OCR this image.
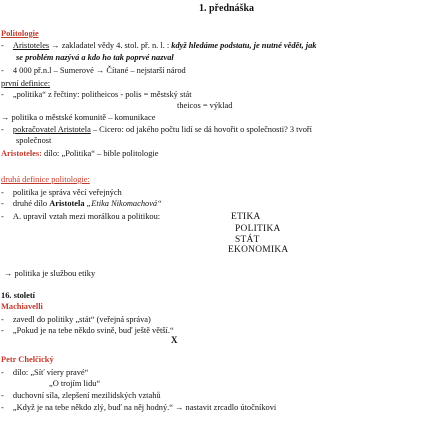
1. přednáška
Politologie
- Aristoteles → zakladatel vědy 4. stol. př. n. l. : když hledáme podstatu, je nutné vědět, jak
se problém nazývá a kdo ho tak poprvé nazval
- 4 000 př.n.l – Sumerové → Čítané – nejstarší národ
první definice:
- „politika“ z řečtiny: politheicos - polis = městský stát
theicos = výklad
→ politika o městské komunitě – komunikace
- pokračovatel Aristotela – Cicero: od jakého počtu lidí se dá hovořit o společnosti? 3 tvoří
společnost
Aristoteles: dílo: „Politika“ – bible politologie
druhá definice politologie:
- politika je správa věcí veřejných
- druhé dílo Aristotela „Etika Nikomachová“
- A. upravil vztah mezi morálkou a politikou:	ETIKA
POLITIKA
STÁT
EKONOMIKA
→ politika je službou etiky
16. století
Machiavelli
- zavedl do politiky „stát“ (veřejná správa)
- „Pokud je na tebe někdo svině, buď ještě větší.“
X
Petr Chelčický
- dílo: „Síť víery pravé“
„O trojím lidu“
- duchovní síla, zlepšení mezilidských vztahů
- „Když je na tebe někdo zlý, buď na něj hodný.“ → nastavit zrcadlo útočníkovi
